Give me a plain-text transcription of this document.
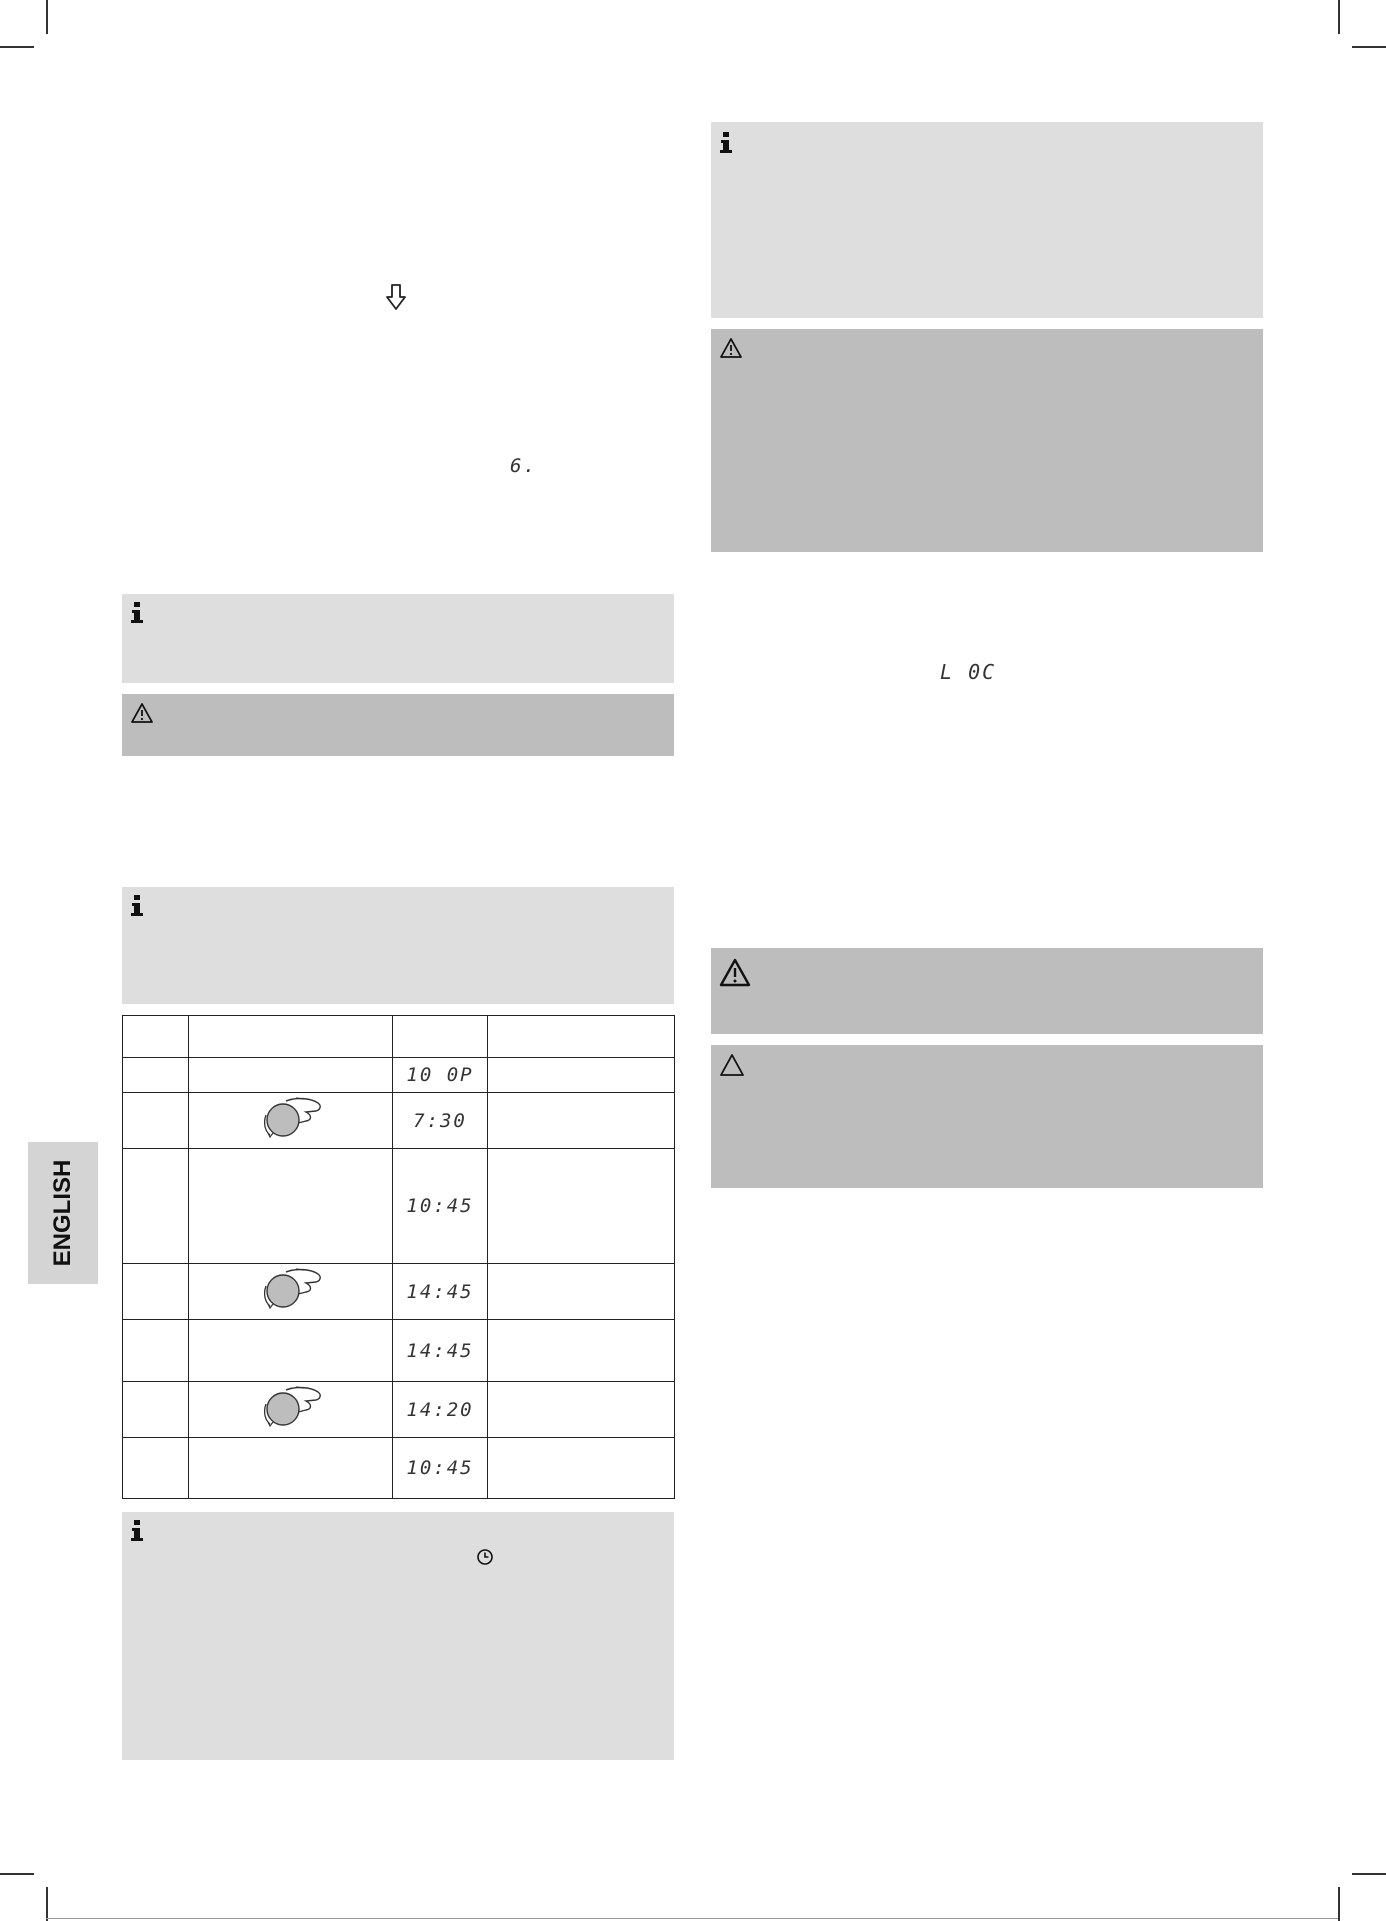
6.

		10 0P	
		7:30	
		10:45	
		14:45	
		14:45	
		14:20	
		10:45	
ENGLISH
L 0C
